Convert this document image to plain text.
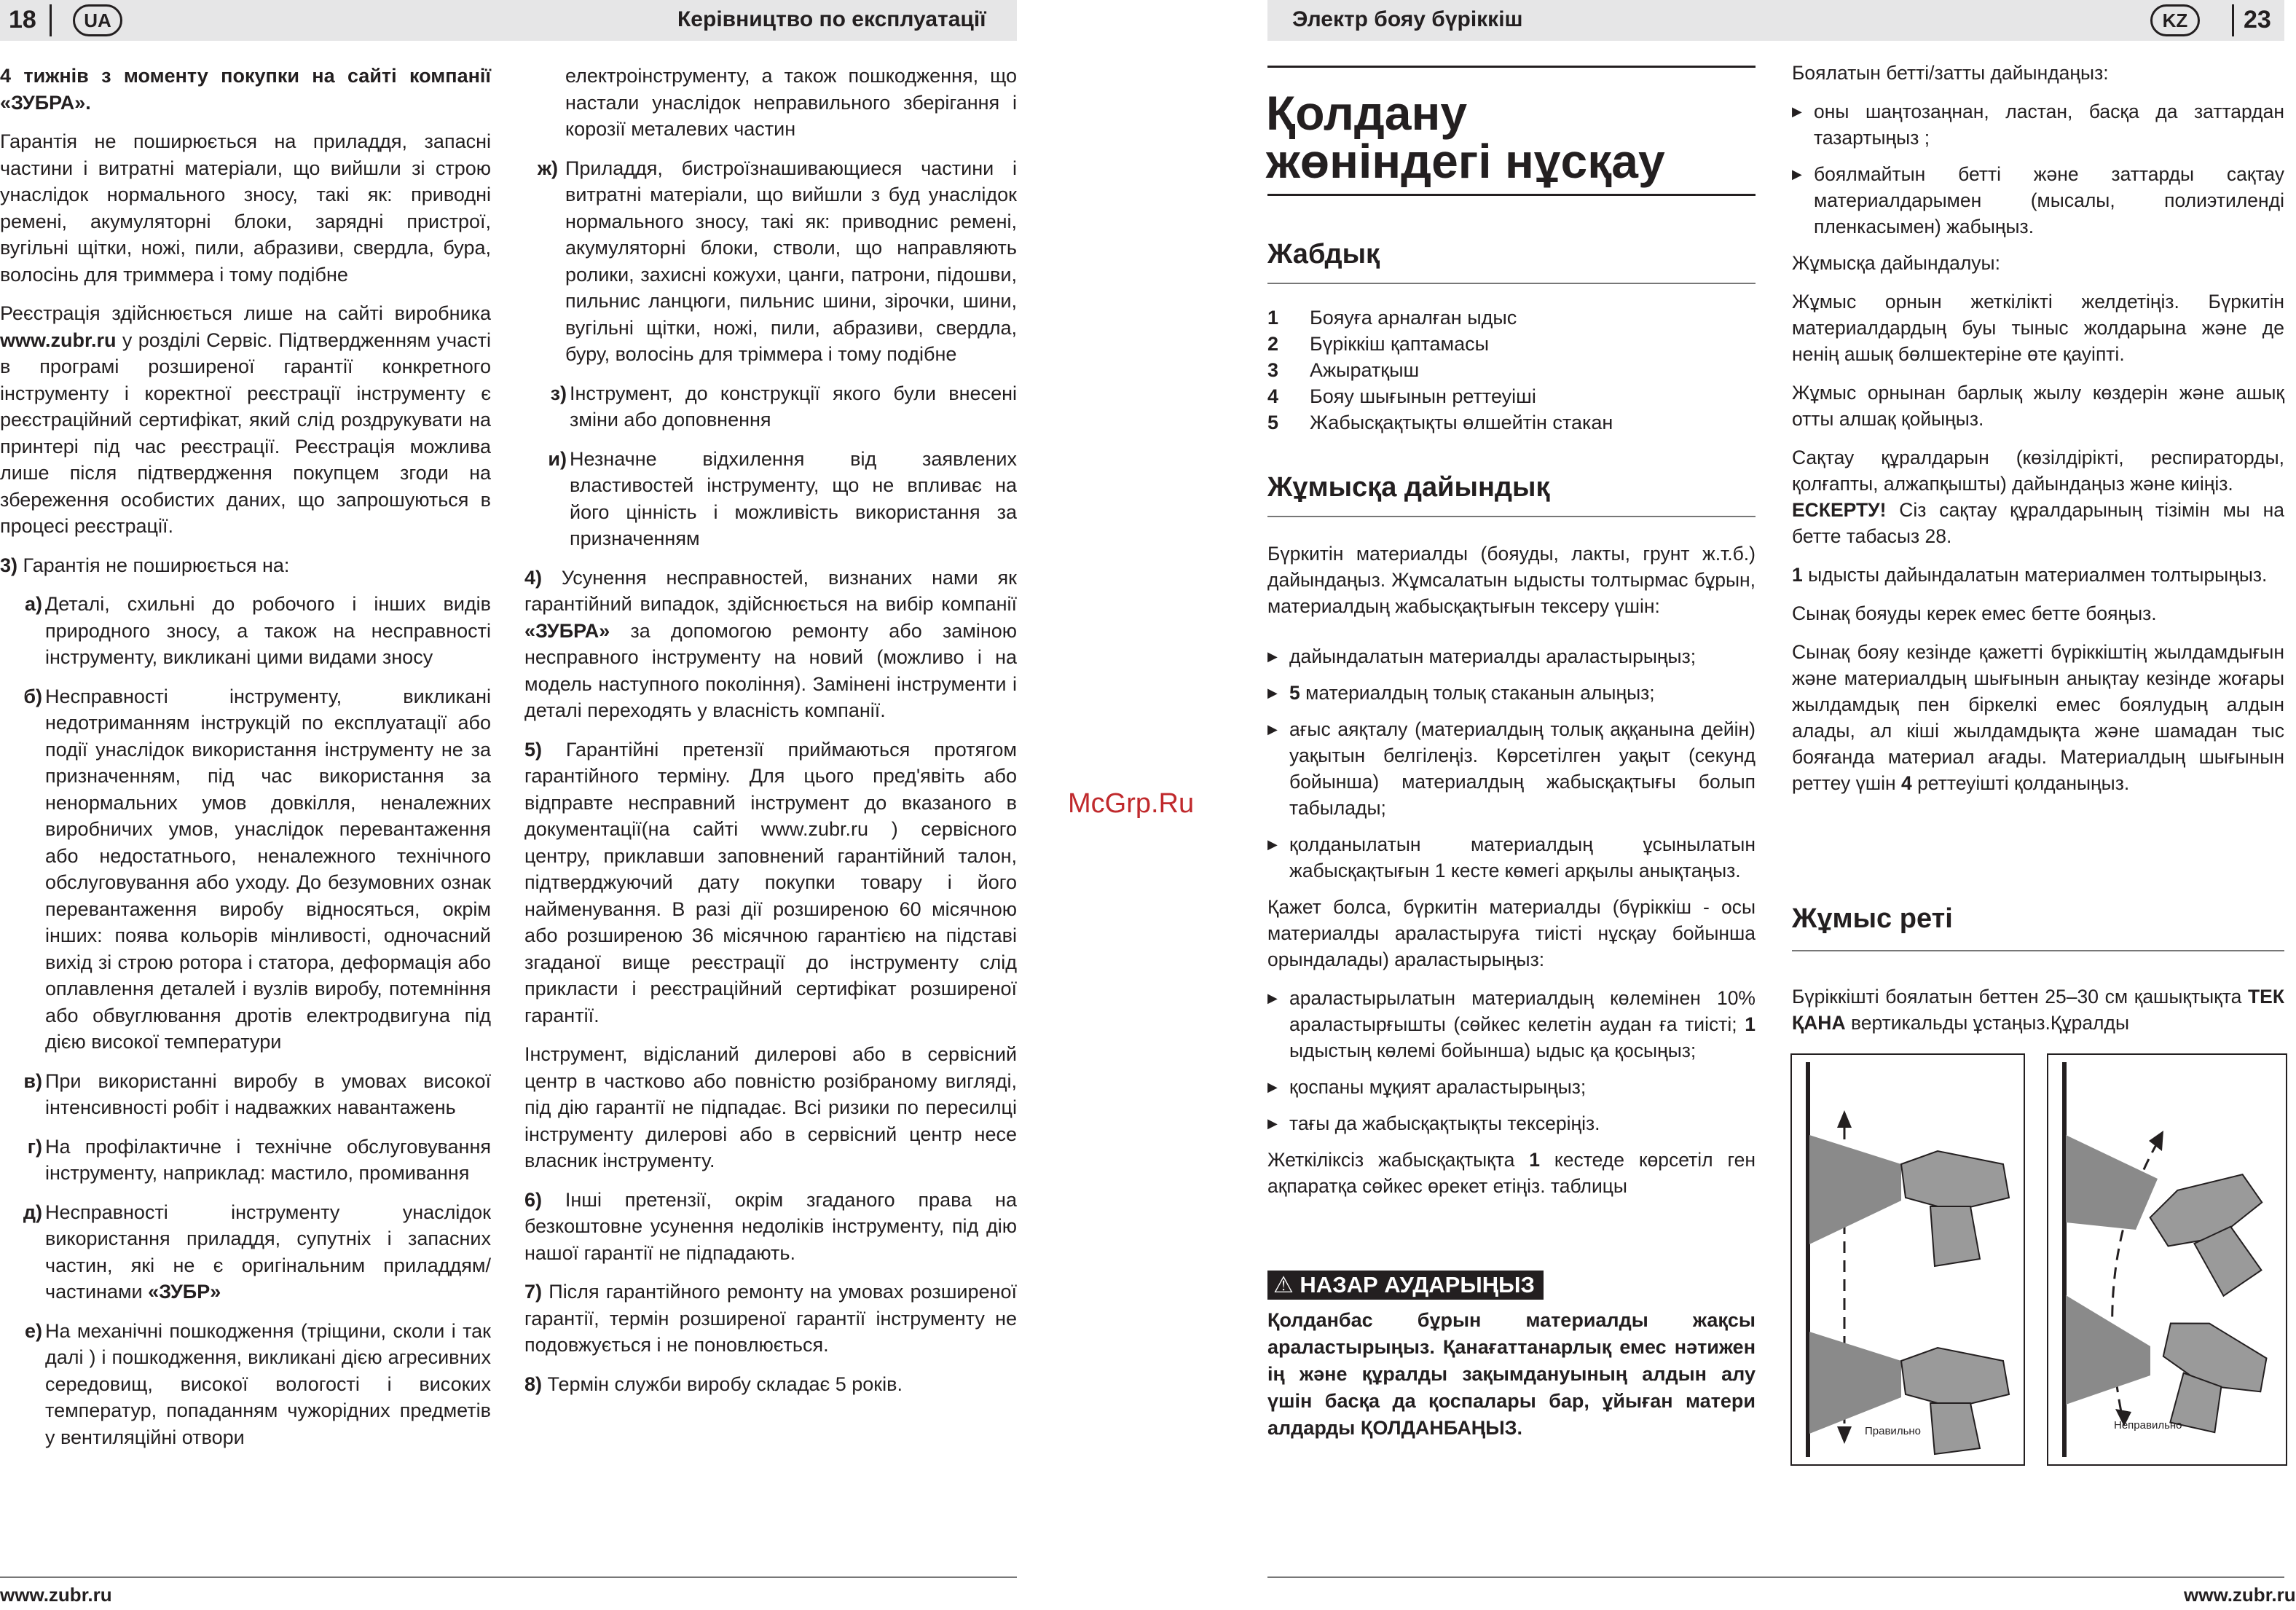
18	UA	Керівництво по експлуатації

4 тижнів з моменту покупки на сайті компанії «ЗУБРА».

Гарантія не поширюється на приладдя, запасні частини і витратні матеріали, що вийшли зі строю унаслідок нормального зносу, такі як: приводні ремені, акумуляторні блоки, зарядні пристрої, вугільні щітки, ножі, пили, абразиви, свердла, бура, волосінь для триммера і тому подібне

Реєстрація здійснюється лише на сайті виробника www.zubr.ru у розділі Сервіс. Підтвердженням участі в програмі розширеної гарантії конкретного інструменту і коректної реєстрації інструменту є реєстраційний сертифікат, який слід роздрукувати на принтері під час реєстрації. Реєстрація можлива лише після підтвердження покупцем згоди на збереження особистих даних, що запрошуються в процесі реєстрації.

3) Гарантія не поширюється на:

а) Деталі, схильні до робочого і інших видів природного зносу, а також на несправності інструменту, викликані цими видами зносу
б) Несправності інструменту, викликані недотриманням інструкцій по експлуатації або події унаслідок використання інструменту не за призначенням, під час використання за ненормальних умов довкілля, неналежних виробничих умов, унаслідок перевантаження або недостатнього, неналежного технічного обслуговування або уходу. До безумовних ознак перевантаження виробу відносяться, окрім інших: поява кольорів мінливості, одночасний вихід зі строю ротора і статора, деформація або оплавлення деталей і вузлів виробу, потемніння або обвуглювання дротів електродвигуна під дією високої температури
в) При використанні виробу в умовах високої інтенсивності робіт і надважких навантажень
г) На профілактичне і технічне обслуговування інструменту, наприклад: мастило, промивання
д) Несправності інструменту унаслідок використання приладдя, супутніх і запасних частин, які не є оригінальним приладдям/частинами «ЗУБР»
е) На механічні пошкодження (тріщини, сколи і так далі ) і пошкодження, викликані дією агресивних середовищ, високої вологості і високих температур, попаданням чужорідних предметів у вентиляційні отвори

електроінструменту, а також пошкодження, що настали унаслідок неправильного зберігання і корозії металевих частин

ж) Приладдя, бистроїзнашивающиеся частини і витратні матеріали, що вийшли з буд унаслідок нормального зносу, такі як: приводнис ремені, акумуляторні блоки, стволи, що направляють ролики, захисні кожухи, цанги, патрони, підошви, пильнис ланцюги, пильнис шини, зірочки, шини, вугільні щітки, ножі, пили, абразиви, свердла, буру, волосінь для тріммера і тому подібне
з) Інструмент, до конструкції якого були внесені зміни або доповнення
и) Незначне відхилення від заявлених властивостей інструменту, що не впливає на його цінність і можливість використання за призначенням

4) Усунення несправностей, визнаних нами як гарантійний випадок, здійснюється на вибір компанії «ЗУБРА» за допомогою ремонту або заміною несправного інструменту на новий (можливо і на модель наступного покоління). Замінені інструменти і деталі переходять у власність компанії.

5) Гарантійні претензії приймаються протягом гарантійного терміну. Для цього пред'явіть або відправте несправний інструмент до вказаного в документації(на сайті www.zubr.ru ) сервісного центру, приклавши заповнений гарантійний талон, підтверджуючий дату покупки товару і його найменування. В разі дії розширеною 60 місячною або розширеною 36 місячною гарантією на підставі згаданої вище реєстрації до інструменту слід прикласти і реєстраційний сертифікат розширеної гарантії.

Інструмент, відісланий дилерові або в сервісний центр в частково або повністю розібраному вигляді, під дію гарантії не підпадає. Всі ризики по пересилці інструменту дилерові або в сервісний центр несе власник інструменту.

6) Інші претензії, окрім згаданого права на безкоштовне усунення недоліків інструменту, під дію нашої гарантії не підпадають.

7) Після гарантійного ремонту на умовах розширеної гарантії, термін розширеної гарантії інструменту не подовжується і не поновлюється.

8) Термін служби виробу складає 5 років.

www.zubr.ru
McGrp.Ru
Электр бояу бүріккіш	KZ	23
Қолдану
жөніндегі нұсқау
Жабдық
1	Бояуға арналған ыдыс
2	Бүріккіш қаптамасы
3	Ажыратқыш
4	Бояу шығынын реттеуіші
5	Жабысқақтықты өлшейтін стакан
Жұмысқа дайындық

Бүркитін материалды (бояуды, лакты, грунт ж.т.б.) дайындаңыз. Жұмсалатын ыдысты толтырмас бұрын, материалдың жабысқақтығын тексеру үшін:

▶ дайындалатын материалды араластырыңыз;
▶ 5 материалдың толық стаканын алыңыз;
▶ ағыс аяқталу (материалдың толық аққанына дейін) уақытын белгілеңіз. Көрсетілген уақыт (секунд бойынша) материалдың жабысқақтығы болып табылады;
▶ қолданылатын материалдың ұсынылатын жабысқақтығын 1 кесте көмегі арқылы анықтаңыз.

Қажет болса, бүркитін материалды (бүріккіш - осы материалды араластыруға тиісті нұсқау бойынша орындалады) араластырыңыз:

▶ араластырылатын материалдың көлемінен 10% араластырғышты (сөйкес келетін аудан ға тиісті; 1 ыдыстың көлемі бойынша) ыдыс қа қосыңыз;
▶ қоспаны мұқият араластырыңыз;
▶ тағы да жабысқақтықты тексеріңіз.

Жеткіліксіз жабысқақтықта 1 кестеде көрсетіл ген ақпаратқа сөйкес өрекет етіңіз. таблицы

⚠ НАЗАР АУДАРЫҢЫЗ

Қолданбас бұрын материалды жақсы араластырыңыз. Қанағаттанарлық емес нәтижен ің және құралды зақымдануының алдын алу үшін басқа да қоспалары бар, ұйыған матери алдарды ҚОЛДАНБАҢЫЗ.

Боялатын бетті/затты дайындаңыз:

▶ оны шаңтозаңнан, ластан, басқа да заттардан тазартыңыз ;
▶ боялмайтын бетті және заттарды сақтау материалдарымен (мысалы, полиэтиленді пленкасымен) жабыңыз.

Жұмысқа дайындалуы:

Жұмыс орнын жеткілікті желдетіңіз. Бүркитін материалдардың буы тыныс жолдарына және де ненің ашық бөлшектеріне өте қауіпті.

Жұмыс орнынан барлық жылу көздерін және ашық отты алшақ қойыңыз.

Сақтау құралдарын (көзілдірікті, респираторды, қолғапты, алжапқышты) дайындаңыз және киіңіз.

ЕСКЕРТУ! Сіз сақтау құралдарының тізімін мы на бетте табасыз 28.

1 ыдысты дайындалатын материалмен толтырыңыз.

Сынақ бояуды керек емес бетте бояңыз.

Сынақ бояу кезінде қажетті бүріккіштің жылдамдығын және материалдың шығынын анықтау кезінде жоғары жылдамдық пен біркелкі емес боялудың алдын алады, ал кіші жылдамдықта және шамадан тыс бояғанда материал ағады. Материалдың шығынын реттеу үшін 4 реттеуішті қолданыңыз.

Жұмыс реті

Бүріккішті боялатын беттен 25–30 см қашықтықта ТЕК ҚАНА вертикальды ұстаңыз.Құралды

Правильно	Неправильно
www.zubr.ru
